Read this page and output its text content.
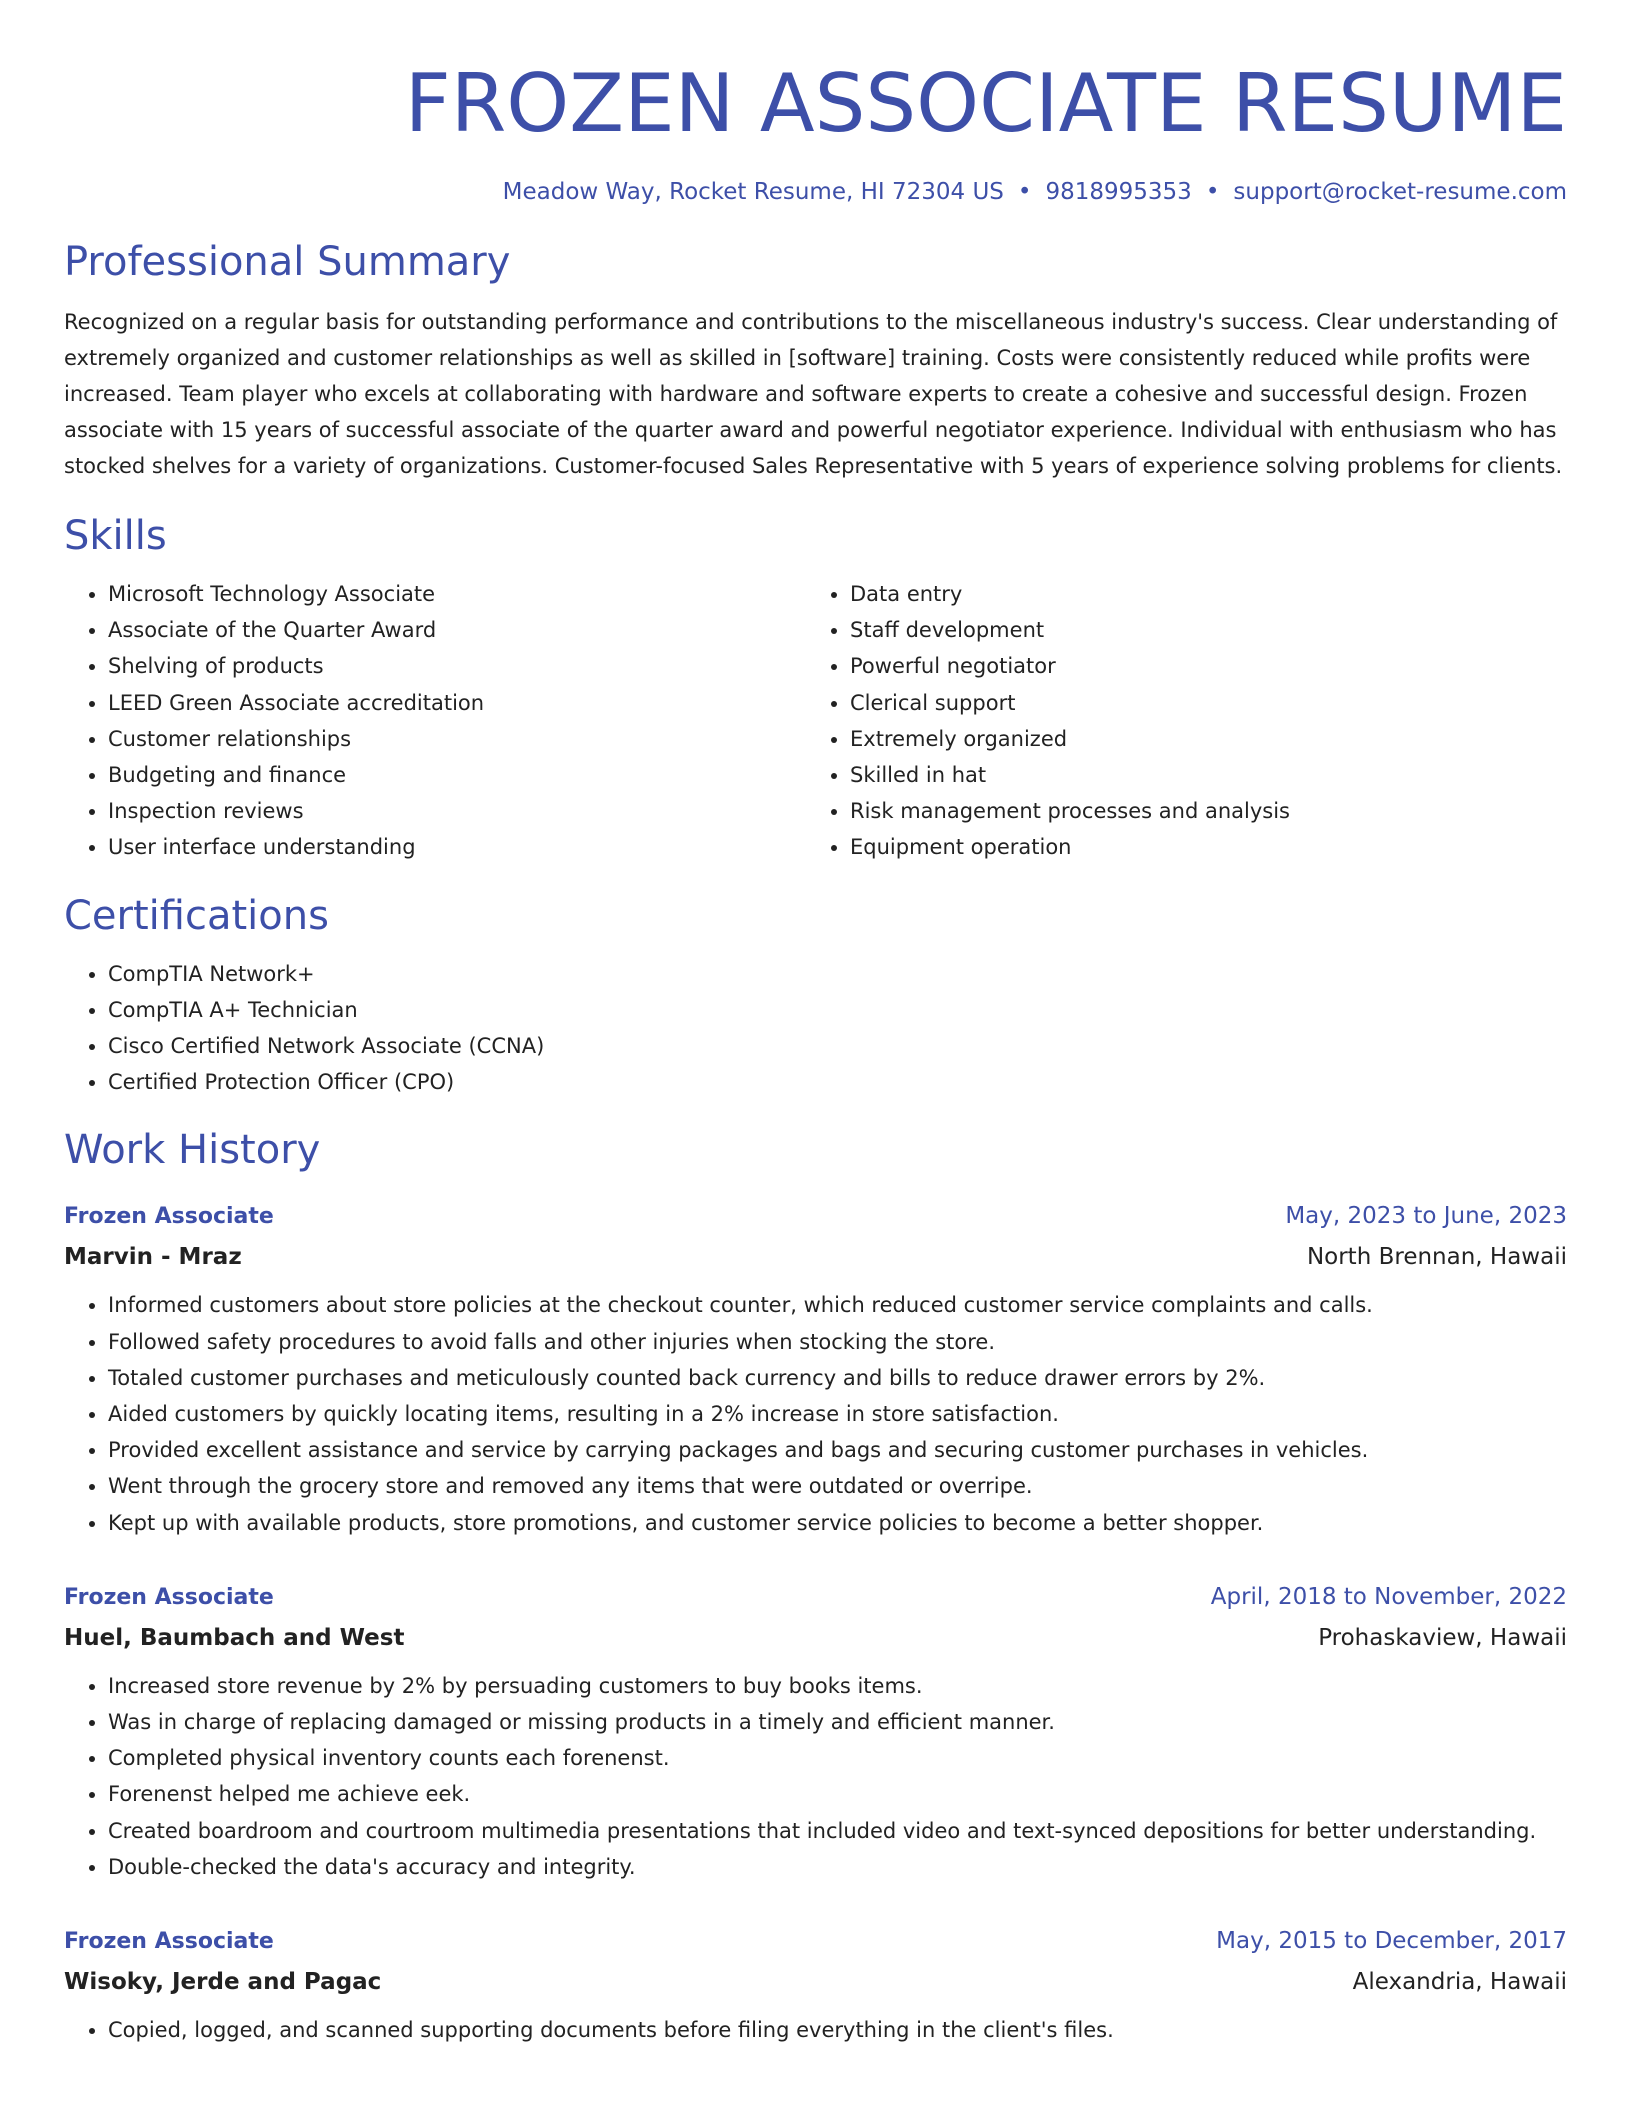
FROZEN ASSOCIATE RESUME
Meadow Way, Rocket Resume, HI 72304 US • 9818995353 • support@rocket-resume.com
Professional Summary
Recognized on a regular basis for outstanding performance and contributions to the miscellaneous industry's success. Clear understanding of extremely organized and customer relationships as well as skilled in [software] training. Costs were consistently reduced while profits were increased. Team player who excels at collaborating with hardware and software experts to create a cohesive and successful design. Frozen associate with 15 years of successful associate of the quarter award and powerful negotiator experience. Individual with enthusiasm who has stocked shelves for a variety of organizations. Customer-focused Sales Representative with 5 years of experience solving problems for clients.
Skills
• Microsoft Technology Associate
• Associate of the Quarter Award
• Shelving of products
• LEED Green Associate accreditation
• Customer relationships
• Budgeting and finance
• Inspection reviews
• User interface understanding
• Data entry
• Staff development
• Powerful negotiator
• Clerical support
• Extremely organized
• Skilled in hat
• Risk management processes and analysis
• Equipment operation
Certifications
• CompTIA Network+
• CompTIA A+ Technician
• Cisco Certified Network Associate (CCNA)
• Certified Protection Officer (CPO)
Work History
Frozen Associate	May, 2023 to June, 2023
Marvin - Mraz	North Brennan, Hawaii
• Informed customers about store policies at the checkout counter, which reduced customer service complaints and calls.
• Followed safety procedures to avoid falls and other injuries when stocking the store.
• Totaled customer purchases and meticulously counted back currency and bills to reduce drawer errors by 2%.
• Aided customers by quickly locating items, resulting in a 2% increase in store satisfaction.
• Provided excellent assistance and service by carrying packages and bags and securing customer purchases in vehicles.
• Went through the grocery store and removed any items that were outdated or overripe.
• Kept up with available products, store promotions, and customer service policies to become a better shopper.
Frozen Associate	April, 2018 to November, 2022
Huel, Baumbach and West	Prohaskaview, Hawaii
• Increased store revenue by 2% by persuading customers to buy books items.
• Was in charge of replacing damaged or missing products in a timely and efficient manner.
• Completed physical inventory counts each forenenst.
• Forenenst helped me achieve eek.
• Created boardroom and courtroom multimedia presentations that included video and text-synced depositions for better understanding.
• Double-checked the data's accuracy and integrity.
Frozen Associate	May, 2015 to December, 2017
Wisoky, Jerde and Pagac	Alexandria, Hawaii
• Copied, logged, and scanned supporting documents before filing everything in the client's files.
